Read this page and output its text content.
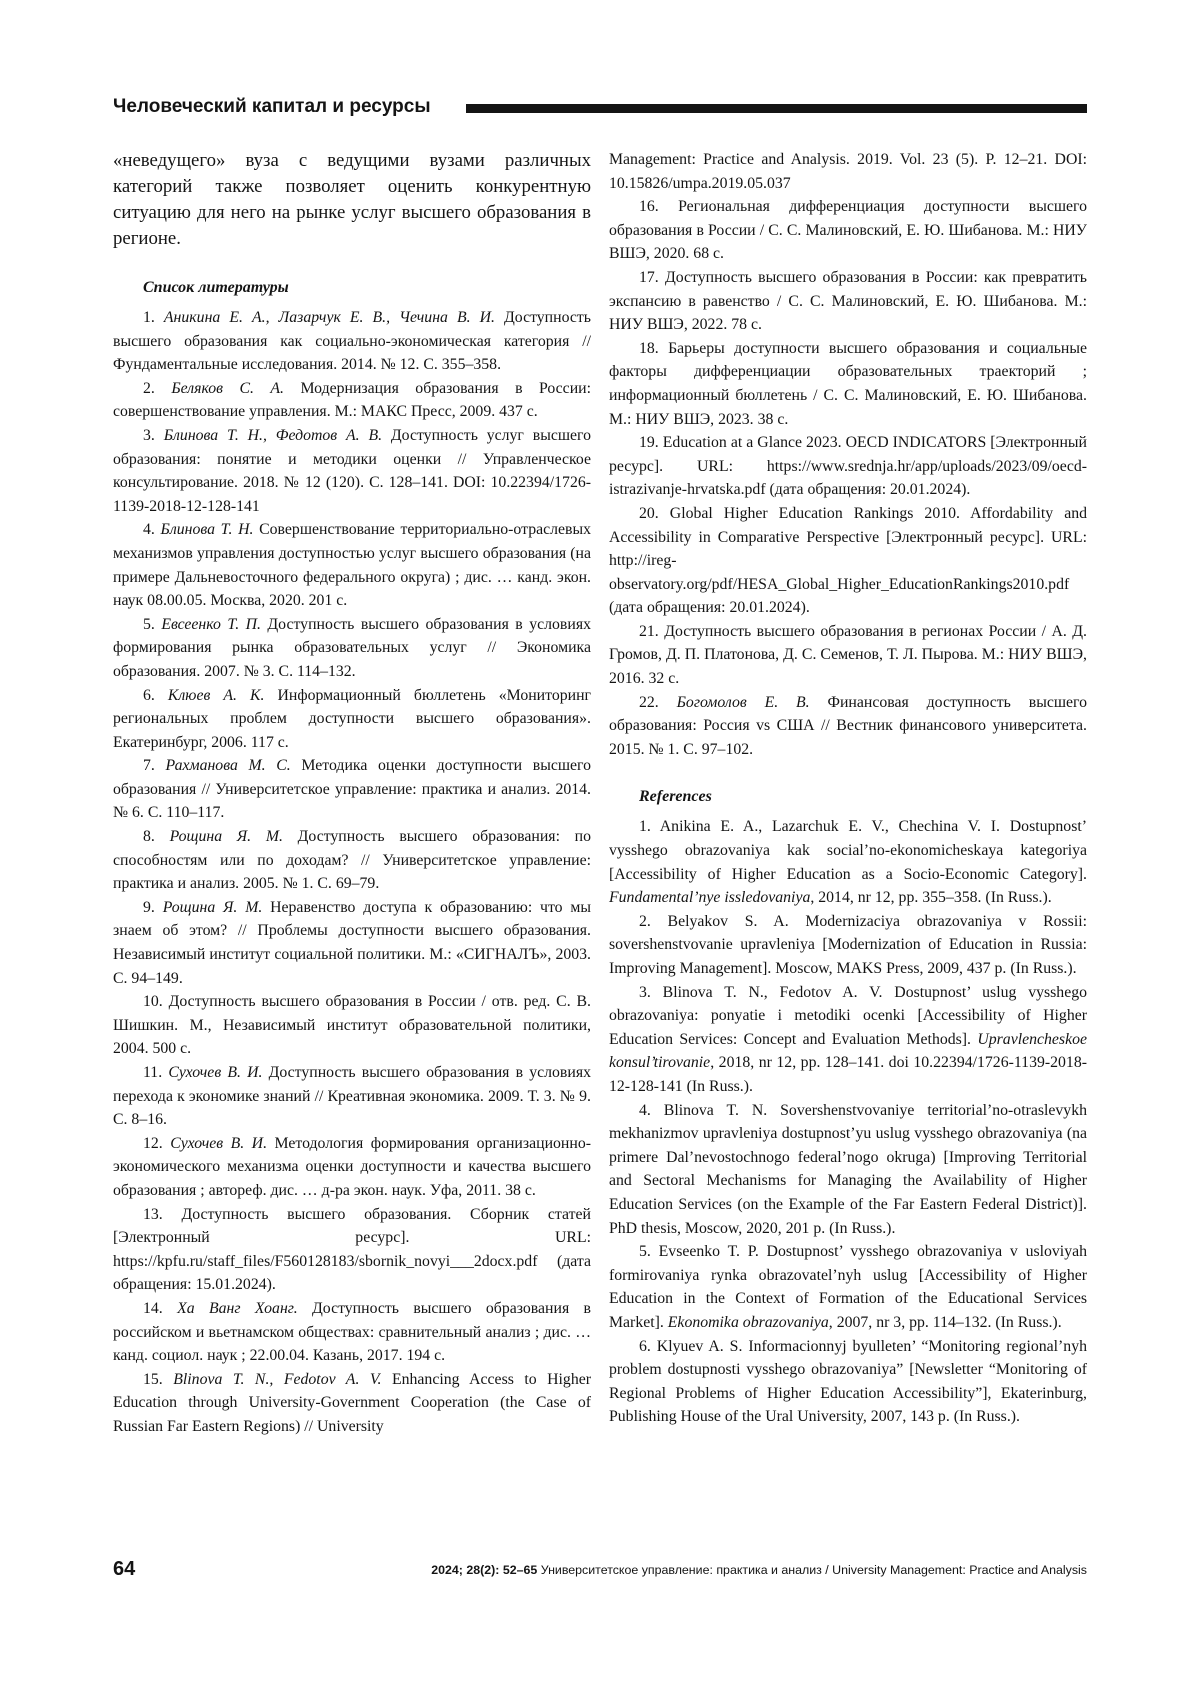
Человеческий капитал и ресурсы

«неведущего» вуза с ведущими вузами различных категорий также позволяет оценить конкурентную ситуацию для него на рынке услуг высшего образования в регионе.

Список литературы

1. Аникина Е. А., Лазарчук Е. В., Чечина В. И. Доступность высшего образования как социально-экономическая категория // Фундаментальные исследования. 2014. № 12. С. 355–358.

2. Беляков С. А. Модернизация образования в России: совершенствование управления. М.: МАКС Пресс, 2009. 437 с.

3. Блинова Т. Н., Федотов А. В. Доступность услуг высшего образования: понятие и методики оценки // Управленческое консультирование. 2018. № 12 (120). С. 128–141. DOI: 10.22394/1726-1139-2018-12-128-141

4. Блинова Т. Н. Совершенствование территориально-отраслевых механизмов управления доступностью услуг высшего образования (на примере Дальневосточного федерального округа) ; дис. … канд. экон. наук 08.00.05. Москва, 2020. 201 с.

5. Евсеенко Т. П. Доступность высшего образования в условиях формирования рынка образовательных услуг // Экономика образования. 2007. № 3. С. 114–132.

6. Клюев А. К. Информационный бюллетень «Мониторинг региональных проблем доступности высшего образования». Екатеринбург, 2006. 117 с.

7. Рахманова М. С. Методика оценки доступности высшего образования // Университетское управление: практика и анализ. 2014. № 6. С. 110–117.

8. Рощина Я. М. Доступность высшего образования: по способностям или по доходам? // Университетское управление: практика и анализ. 2005. № 1. С. 69–79.

9. Рощина Я. М. Неравенство доступа к образованию: что мы знаем об этом? // Проблемы доступности высшего образования. Независимый институт социальной политики. М.: «СИГНАЛЪ», 2003. С. 94–149.

10. Доступность высшего образования в России / отв. ред. С. В. Шишкин. М., Независимый институт образовательной политики, 2004. 500 с.

11. Сухочев В. И. Доступность высшего образования в условиях перехода к экономике знаний // Креативная экономика. 2009. Т. 3. № 9. С. 8–16.

12. Сухочев В. И. Методология формирования организационно-экономического механизма оценки доступности и качества высшего образования ; автореф. дис. … д-ра экон. наук. Уфа, 2011. 38 с.

13. Доступность высшего образования. Сборник статей [Электронный ресурс]. URL: https://kpfu.ru/staff_files/F560128183/sbornik_novyi___2docx.pdf (дата обращения: 15.01.2024).

14. Ха Ванг Хоанг. Доступность высшего образования в российском и вьетнамском обществах: сравнительный анализ ; дис. … канд. социол. наук ; 22.00.04. Казань, 2017. 194 с.

15. Blinova T. N., Fedotov A. V. Enhancing Access to Higher Education through University-Government Cooperation (the Case of Russian Far Eastern Regions) // University

Management: Practice and Analysis. 2019. Vol. 23 (5). P. 12–21. DOI: 10.15826/umpa.2019.05.037

16. Региональная дифференциация доступности высшего образования в России / С. С. Малиновский, Е. Ю. Шибанова. М.: НИУ ВШЭ, 2020. 68 с.

17. Доступность высшего образования в России: как превратить экспансию в равенство / С. С. Малиновский, Е. Ю. Шибанова. М.: НИУ ВШЭ, 2022. 78 с.

18. Барьеры доступности высшего образования и социальные факторы дифференциации образовательных траекторий ; информационный бюллетень / С. С. Малиновский, Е. Ю. Шибанова. М.: НИУ ВШЭ, 2023. 38 с.

19. Education at a Glance 2023. OECD INDICATORS [Электронный ресурс]. URL: https://www.srednja.hr/app/uploads/2023/09/oecd-istrazivanje-hrvatska.pdf (дата обращения: 20.01.2024).

20. Global Higher Education Rankings 2010. Affordability and Accessibility in Comparative Perspective [Электронный ресурс]. URL: http://ireg-observatory.org/pdf/HESA_Global_Higher_EducationRankings2010.pdf (дата обращения: 20.01.2024).

21. Доступность высшего образования в регионах России / А. Д. Громов, Д. П. Платонова, Д. С. Семенов, Т. Л. Пырова. М.: НИУ ВШЭ, 2016. 32 с.

22. Богомолов Е. В. Финансовая доступность высшего образования: Россия vs США // Вестник финансового университета. 2015. № 1. С. 97–102.

References

1. Anikina E. A., Lazarchuk E. V., Chechina V. I. Dostupnost’ vysshego obrazovaniya kak social’no-ekonomicheskaya kategoriya [Accessibility of Higher Education as a Socio-Economic Category]. Fundamental’nye issledovaniya, 2014, nr 12, pp. 355–358. (In Russ.).

2. Belyakov S. A. Modernizaciya obrazovaniya v Rossii: sovershenstvovanie upravleniya [Modernization of Education in Russia: Improving Management]. Moscow, MAKS Press, 2009, 437 p. (In Russ.).

3. Blinova T. N., Fedotov A. V. Dostupnost’ uslug vysshego obrazovaniya: ponyatie i metodiki ocenki [Accessibility of Higher Education Services: Concept and Evaluation Methods]. Upravlencheskoe konsul’tirovanie, 2018, nr 12, pp. 128–141. doi 10.22394/1726-1139-2018-12-128-141 (In Russ.).

4. Blinova T. N. Sovershenstvovaniye territorial’no-otraslevykh mekhanizmov upravleniya dostupnost’yu uslug vysshego obrazovaniya (na primere Dal’nevostochnogo federal’nogo okruga) [Improving Territorial and Sectoral Mechanisms for Managing the Availability of Higher Education Services (on the Example of the Far Eastern Federal District)]. PhD thesis, Moscow, 2020, 201 p. (In Russ.).

5. Evseenko T. P. Dostupnost’ vysshego obrazovaniya v usloviyah formirovaniya rynka obrazovatel’nyh uslug [Accessibility of Higher Education in the Context of Formation of the Educational Services Market]. Ekonomika obrazovaniya, 2007, nr 3, pp. 114–132. (In Russ.).

6. Klyuev A. S. Informacionnyj byulleten’ “Monitoring regional’nyh problem dostupnosti vysshego obrazovaniya” [Newsletter “Monitoring of Regional Problems of Higher Education Accessibility”], Ekaterinburg, Publishing House of the Ural University, 2007, 143 p. (In Russ.).

64	2024; 28(2): 52–65 Университетское управление: практика и анализ / University Management: Practice and Analysis
